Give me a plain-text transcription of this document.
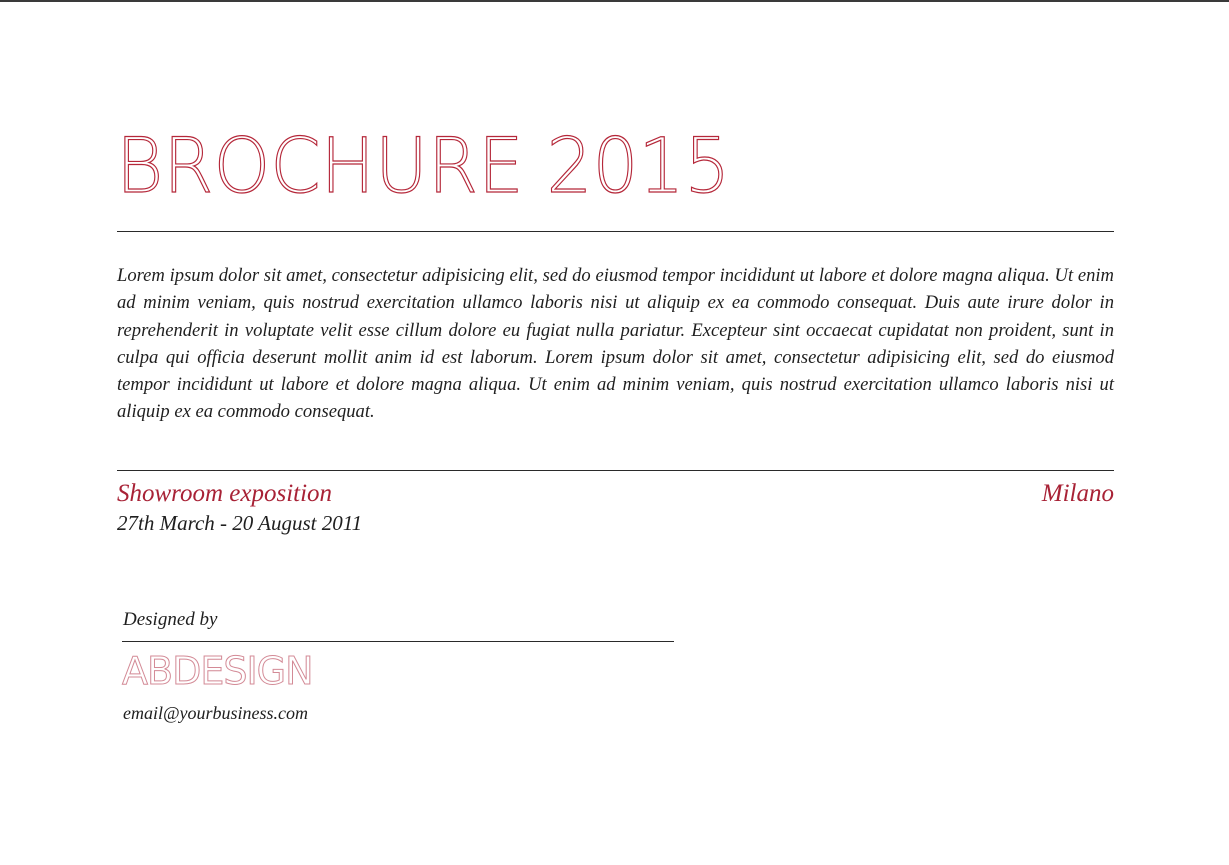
BROCHURE 2015

Lorem ipsum dolor sit amet, consectetur adipisicing elit, sed do eiusmod tempor incididunt ut labore et dolore magna aliqua. Ut enim ad minim veniam, quis nostrud exercitation ullamco laboris nisi ut aliquip ex ea commodo consequat. Duis aute irure dolor in reprehenderit in voluptate velit esse cillum dolore eu fugiat nulla pariatur. Excepteur sint occaecat cupidatat non proident, sunt in culpa qui officia deserunt mollit anim id est laborum. Lorem ipsum dolor sit amet, consectetur adipisicing elit, sed do eiusmod tempor incididunt ut labore et dolore magna aliqua. Ut enim ad minim veniam, quis nostrud exercitation ullamco laboris nisi ut aliquip ex ea commodo consequat.

Showroom exposition	Milano

27th March - 20 August 2011

Designed by

ABDESIGN

email@yourbusiness.com
